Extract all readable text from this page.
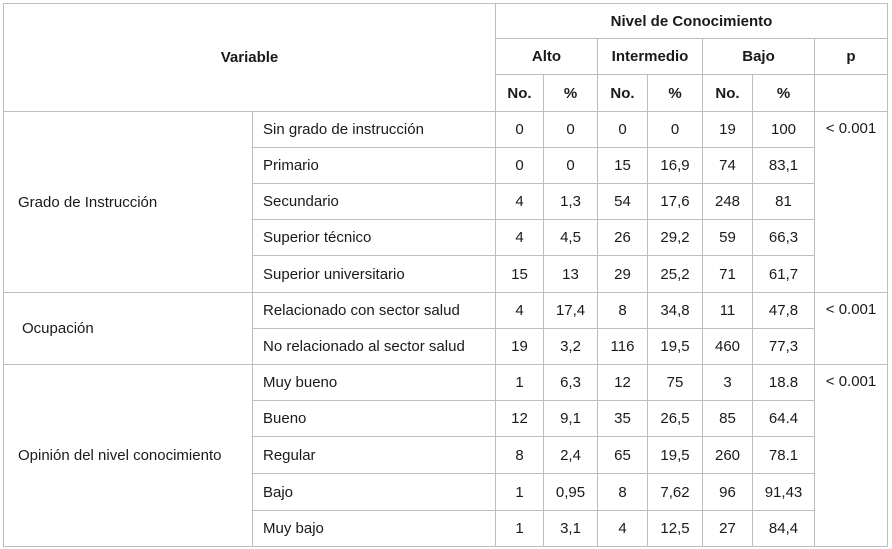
Variable		Nivel de Conocimiento						
		Alto		Intermedio		Bajo		p
		No.	%	No.	%	No.	%	
Grado de Instrucción	Sin grado de instrucción	0	0	0	0	19	100	< 0.001
	Primario	0	0	15	16,9	74	83,1	
	Secundario	4	1,3	54	17,6	248	81	
	Superior técnico	4	4,5	26	29,2	59	66,3	
	Superior universitario	15	13	29	25,2	71	61,7	
Ocupación	Relacionado con sector salud	4	17,4	8	34,8	11	47,8	< 0.001
	No relacionado al sector salud	19	3,2	116	19,5	460	77,3	
Opinión del nivel conocimiento	Muy bueno	1	6,3	12	75	3	18.8	< 0.001
	Bueno	12	9,1	35	26,5	85	64.4	
	Regular	8	2,4	65	19,5	260	78.1	
	Bajo	1	0,95	8	7,62	96	91,43	
	Muy bajo	1	3,1	4	12,5	27	84,4	
